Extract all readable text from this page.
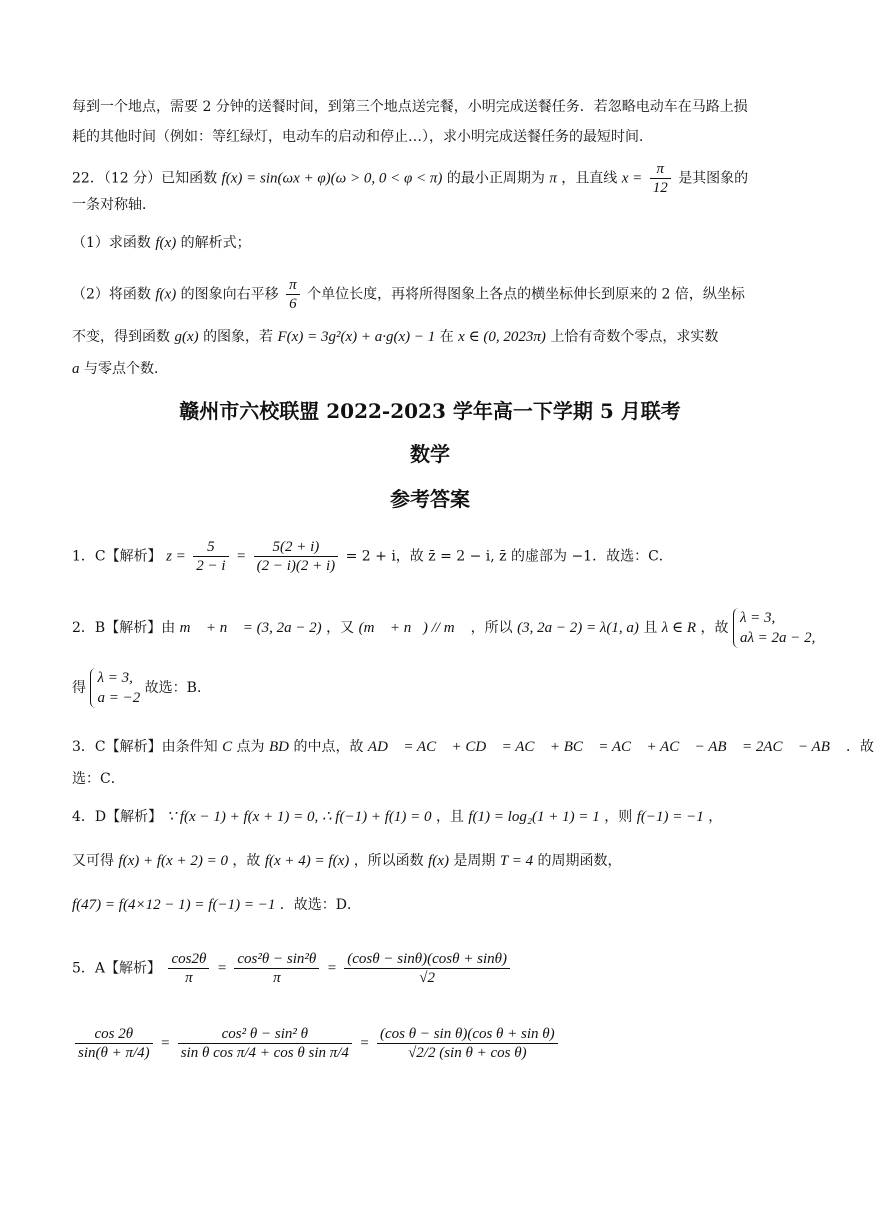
每到一个地点，需要 2 分钟的送餐时间，到第三个地点送完餐，小明完成送餐任务．若忽略电动车在马路上损
耗的其他时间（例如：等红绿灯，电动车的启动和停止…），求小明完成送餐任务的最短时间．
22．（12 分）已知函数 f(x) = sin(ωx + φ)(ω > 0, 0 < φ < π) 的最小正周期为 π ，且直线 $x = \frac{\pi}{12}$ 是其图象的
一条对称轴．
（1）求函数 f(x) 的解析式；
（2）将函数 f(x) 的图象向右平移 $\frac{\pi}{6}$ 个单位长度，再将所得图象上各点的横坐标伸长到原来的 2 倍，纵坐标
不变，得到函数 g(x) 的图象，若 F(x) = 3g²(x) + a·g(x) − 1 在 x ∈ (0, 2023π) 上恰有奇数个零点，求实数
a 与零点个数．
赣州市六校联盟 2022-2023 学年高一下学期 5 月联考
数学
参考答案
1．C【解析】 $z = \frac{5}{2 - i} = \frac{5(2 + i)}{(2 - i)(2 + i)} = 2 + i$，故 z̄ = 2 − i, z̄ 的虚部为 −1．故选：C．
2．B【解析】由 m⃗ + n⃗ = (3, 2a − 2) ，又 (m⃗ + n⃗) // m⃗ ，所以 (3, 2a − 2) = λ(1, a) 且 λ ∈ R ，故
λ = 3,
aλ = 2a − 2,
得
λ = 3,
a = −2
故选：B．
3．C【解析】由条件知 C 点为 BD 的中点，故 AD⃗ = AC⃗ + CD⃗ = AC⃗ + BC⃗ = AC⃗ + AC⃗ − AB⃗ = 2AC⃗ − AB⃗ ．故
选：C．
4．D【解析】 ∵ f(x − 1) + f(x + 1) = 0, ∴ f(−1) + f(1) = 0 ，且 f(1) = log₂(1 + 1) = 1 ，则 f(−1) = −1 ，
又可得 f(x) + f(x + 2) = 0 ，故 f(x + 4) = f(x) ，所以函数 f(x) 是周期 T = 4 的周期函数，
f(47) = f(4×12 − 1) = f(−1) = −1 ．故选：D．
5．A【解析】 $\frac{\cos 2\theta}{\pi} = \frac{\text{cos²θ − sin²θ}}{\pi} = \frac{(\cos\theta - \sin\theta)(\cos\theta + \sin\theta)}{√2}$
$\frac{\cos 2\theta}{\sin(\theta + \pi/4)} = \frac{\text{cos² θ − sin² θ}}{\text{sin θ cos π/4 + cos θ sin π/4}} = \frac{\text{(cos θ − sin θ)(cos θ + sin θ)}}{\text{√2/2 (sin θ + cos θ)}}$
